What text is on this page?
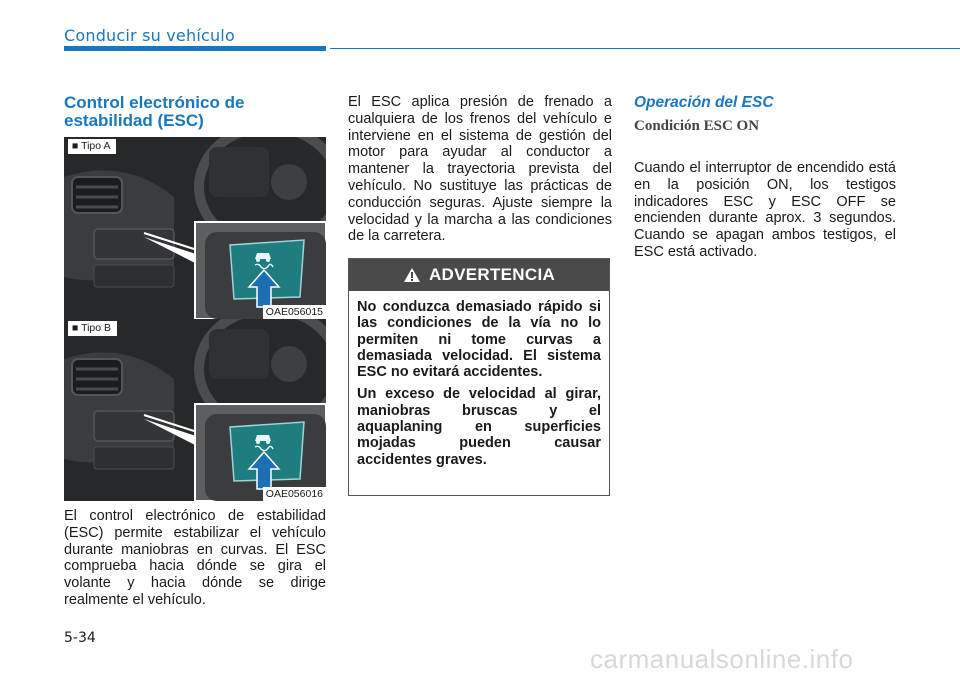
Conducir su vehículo
Control electrónico de estabilidad (ESC)
■ Tipo A
OAE056015
■ Tipo B
OAE056016
El control electrónico de estabilidad (ESC) permite estabilizar el vehículo durante maniobras en curvas. El ESC comprueba hacia dónde se gira el volante y hacia dónde se dirige realmente el vehículo.
El ESC aplica presión de frenado a cualquiera de los frenos del vehículo e interviene en el sistema de gestión del motor para ayudar al conductor a mantener la trayectoria prevista del vehículo. No sustituye las prácticas de conducción seguras. Ajuste siempre la velocidad y la marcha a las condiciones de la carretera.
ADVERTENCIA

No conduzca demasiado rápido si las condiciones de la vía no lo permiten ni tome curvas a demasiada velocidad. El sistema ESC no evitará accidentes.

Un exceso de velocidad al girar, maniobras bruscas y el aquaplaning en superficies mojadas pueden causar accidentes graves.

Operación del ESC
Condición ESC ON
Cuando el interruptor de encendido está en la posición ON, los testigos indicadores ESC y ESC OFF se encienden durante aprox. 3 segundos. Cuando se apagan ambos testigos, el ESC está activado.
5-34
carmanualsonline.info
